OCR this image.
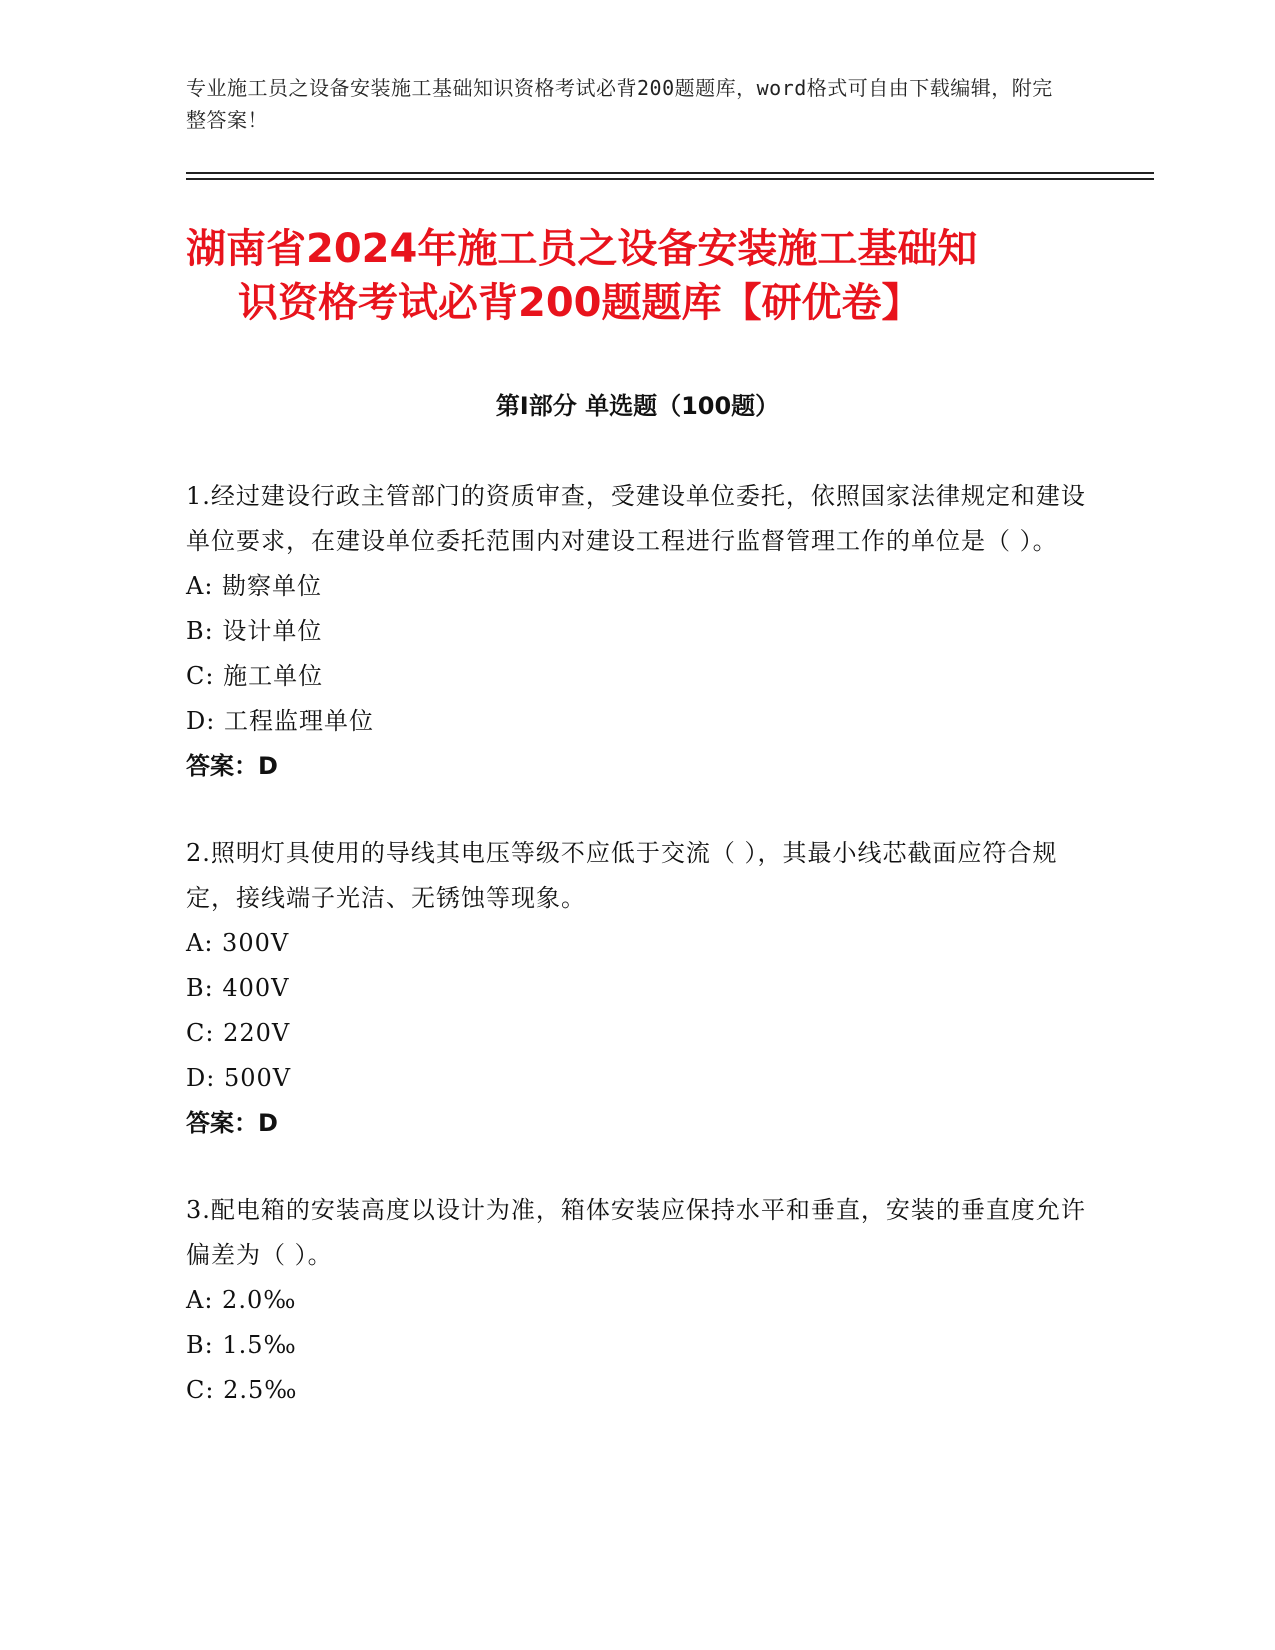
专业施工员之设备安装施工基础知识资格考试必背200题题库，word格式可自由下载编辑，附完整答案！
湖南省2024年施工员之设备安装施工基础知
识资格考试必背200题题库【研优卷】
第Ⅰ部分 单选题（100题）
1.经过建设行政主管部门的资质审查，受建设单位委托，依照国家法律规定和建设单位要求，在建设单位委托范围内对建设工程进行监督管理工作的单位是（ ）。
A: 勘察单位
B: 设计单位
C: 施工单位
D: 工程监理单位
答案：D
2.照明灯具使用的导线其电压等级不应低于交流（ ），其最小线芯截面应符合规定，接线端子光洁、无锈蚀等现象。
A: 300V
B: 400V
C: 220V
D: 500V
答案：D
3.配电箱的安装高度以设计为准，箱体安装应保持水平和垂直，安装的垂直度允许偏差为（ ）。
A: 2.0‰
B: 1.5‰
C: 2.5‰
